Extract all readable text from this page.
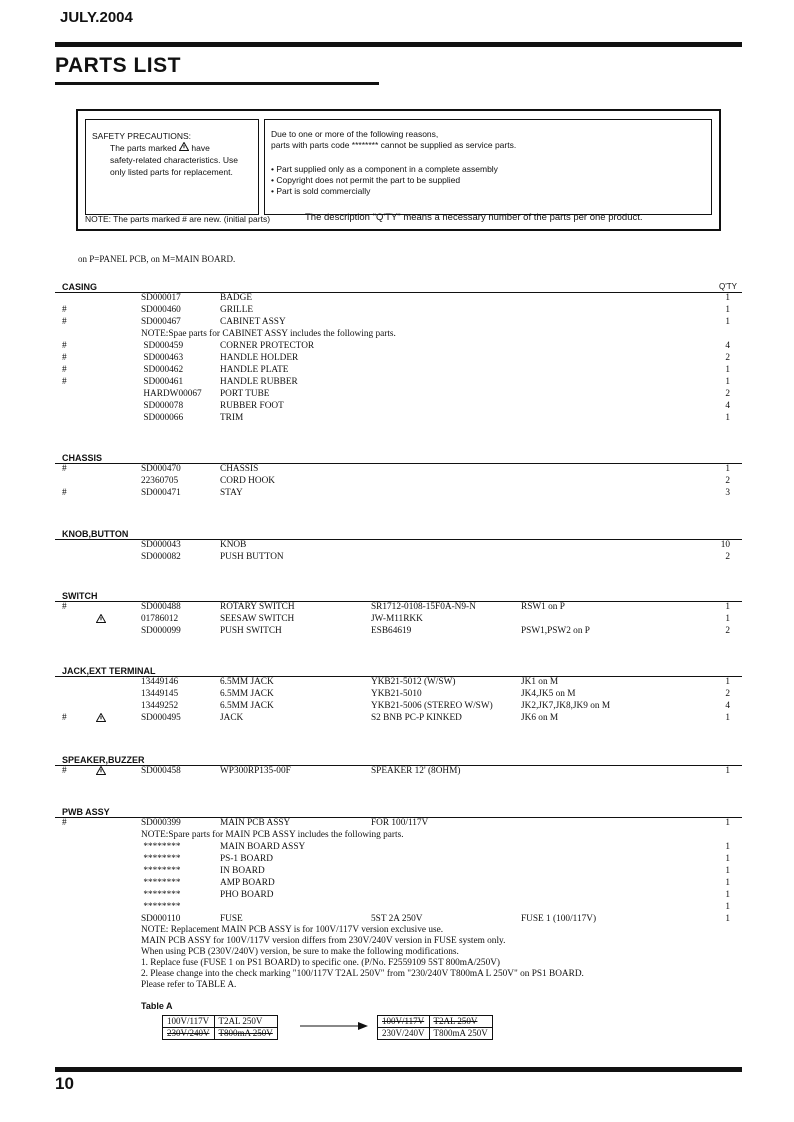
JULY.2004
PARTS LIST
SAFETY PRECAUTIONS:
The parts marked have
safety-related characteristics. Use
only listed parts for replacement.
Due to one or more of the following reasons,
parts with parts code ******** cannot be supplied as service parts.
• Part supplied only as a component in a complete assembly
• Copyright does not permit the part to be supplied
• Part is sold commercially
NOTE: The parts marked # are new. (initial parts)	The description "Q'TY" means a necessary number of the parts per one product.
on P=PANEL PCB, on M=MAIN BOARD.
CASING	Q'TY
SD000017	BADGE	1
#	SD000460	GRILLE	1
#	SD000467	CABINET ASSY	1
NOTE:Spae parts for CABINET ASSY includes the following parts.
#	SD000459	CORNER PROTECTOR	4
#	SD000463	HANDLE HOLDER	2
#	SD000462	HANDLE PLATE	1
#	SD000461	HANDLE RUBBER	1
HARDW00067 PORT TUBE	2
SD000078	RUBBER FOOT	4
SD000066	TRIM	1
CHASSIS
#	SD000470	CHASSIS	1
22360705	CORD HOOK	2
#	SD000471	STAY	3
KNOB,BUTTON
SD000043	KNOB	10
SD000082	PUSH BUTTON	2
SWITCH
#	SD000488	ROTARY SWITCH	SR1712-0108-15F0A-N9-N	RSW1 on P	1
01786012	SEESAW SWITCH	JW-M11RKK	1
SD000099	PUSH SWITCH	ESB64619	PSW1,PSW2 on P	2
JACK,EXT TERMINAL
13449146	6.5MM JACK	YKB21-5012 (W/SW)	JK1 on M	1
13449145	6.5MM JACK	YKB21-5010	JK4,JK5 on M	2
13449252	6.5MM JACK	YKB21-5006 (STEREO W/SW)	JK2,JK7,JK8,JK9 on M	4
#	SD000495	JACK	S2 BNB PC-P KINKED	JK6 on M	1
SPEAKER,BUZZER
#	SD000458	WP300RP135-00F	SPEAKER 12' (8OHM)	1
PWB ASSY
#	SD000399	MAIN PCB ASSY	FOR 100/117V	1
NOTE:Spare parts for MAIN PCB ASSY includes the following parts.
********	MAIN BOARD ASSY	1
********	PS-1 BOARD	1
********	IN BOARD	1
********	AMP BOARD	1
********	PHO BOARD	1
********	1
SD000110	FUSE	5ST 2A 250V	FUSE 1 (100/117V)	1
NOTE: Replacement MAIN PCB ASSY is for 100V/117V version exclusive use.
MAIN PCB ASSY for 100V/117V version differs from 230V/240V version in FUSE system only.
When using PCB (230V/240V) version, be sure to make the following modifications.
1. Replace fuse (FUSE 1 on PS1 BOARD) to specific one. (P/No. F2559109 5ST 800mA/250V)
2. Please change into the check marking "100/117V T2AL 250V" from "230/240V T800mA L 250V" on PS1 BOARD.
Please refer to TABLE A.
Table A
100V/117V	T2AL 250V
230V/240V	T800mA 250V
100V/117V	T2AL 250V
230V/240V	T800mA 250V
10
